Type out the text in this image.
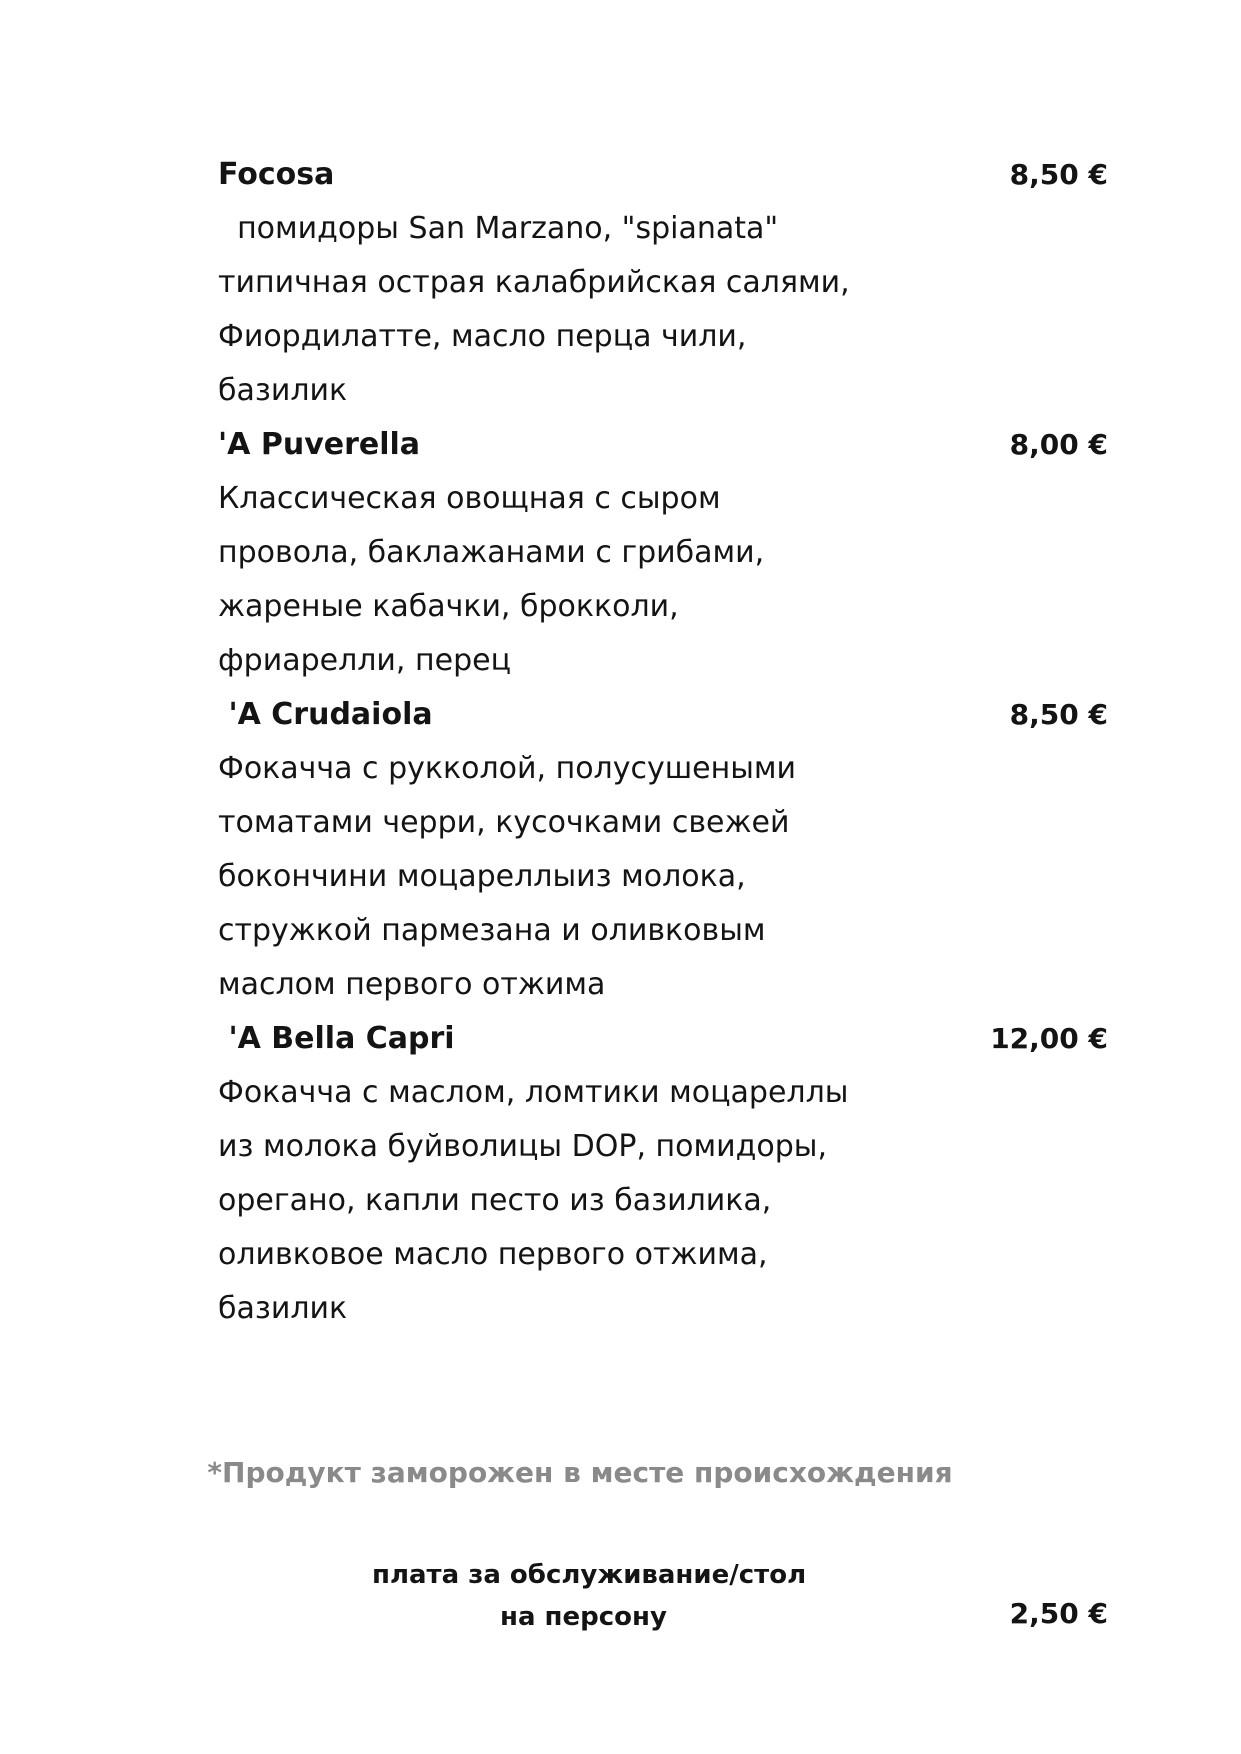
Focosa	8,50 €
помидоры San Marzano, "spianata"
типичная острая калабрийская салями,
Фиордилатте, масло перца чили,
базилик
'A Puverella	8,00 €
Классическая овощная с сыром
провола, баклажанами с грибами,
жареные кабачки, брокколи,
фриарелли, перец
'A Crudaiola	8,50 €
Фокачча с рукколой, полусушеными
томатами черри, кусочками свежей
бокончини моцареллыиз молока,
стружкой пармезана и оливковым
маслом первого отжима
'A Bella Capri	12,00 €
Фокачча с маслом, ломтики моцареллы
из молока буйволицы DOP, помидоры,
орегано, капли песто из базилика,
оливковое масло первого отжима,
базилик
*Продукт заморожен в месте происхождения
плата за обслуживание/стол
на персону	2,50 €
